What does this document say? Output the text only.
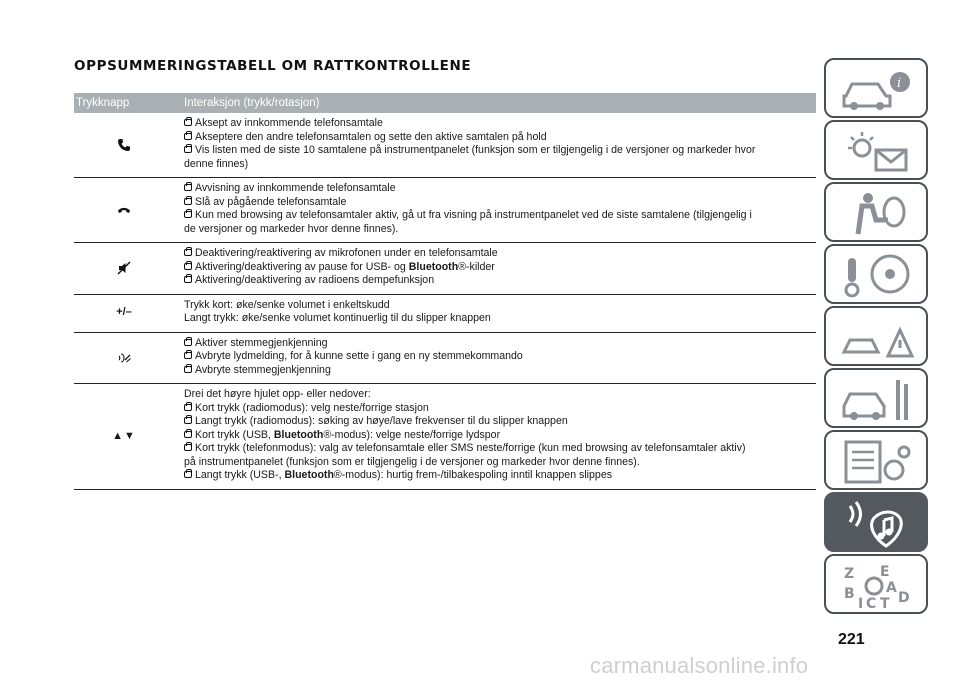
OPPSUMMERINGSTABELL OM RATTKONTROLLENE
Trykknapp	Interaksjon (trykk/rotasjon)
Aksept av innkommende telefonsamtale
Akseptere den andre telefonsamtalen og sette den aktive samtalen på hold
Vis listen med de siste 10 samtalene på instrumentpanelet (funksjon som er tilgjengelig i de versjoner og markeder hvor
denne finnes)
Avvisning av innkommende telefonsamtale
Slå av pågående telefonsamtale
Kun med browsing av telefonsamtaler aktiv, gå ut fra visning på instrumentpanelet ved de siste samtalene (tilgjengelig i
de versjoner og markeder hvor denne finnes).
Deaktivering/reaktivering av mikrofonen under en telefonsamtale
Aktivering/deaktivering av pause for USB- og Bluetooth®-kilder
Aktivering/deaktivering av radioens dempefunksjon
+/–
Trykk kort: øke/senke volumet i enkeltskudd
Langt trykk: øke/senke volumet kontinuerlig til du slipper knappen
Aktiver stemmegjenkjenning
Avbryte lydmelding, for å kunne sette i gang en ny stemmekommando
Avbryte stemmegjenkjenning
▲▼
Drei det høyre hjulet opp- eller nedover:
Kort trykk (radiomodus): velg neste/forrige stasjon
Langt trykk (radiomodus): søking av høye/lave frekvenser til du slipper knappen
Kort trykk (USB, Bluetooth®-modus): velge neste/forrige lydspor
Kort trykk (telefonmodus): valg av telefonsamtale eller SMS neste/forrige (kun med browsing av telefonsamtaler aktiv)
på instrumentpanelet (funksjon som er tilgjengelig i de versjoner og markeder hvor denne finnes).
Langt trykk (USB-, Bluetooth®-modus): hurtig frem-/tilbakespoling inntil knappen slippes
i
Z E
B A
I C T D
221
carmanualsonline.info
